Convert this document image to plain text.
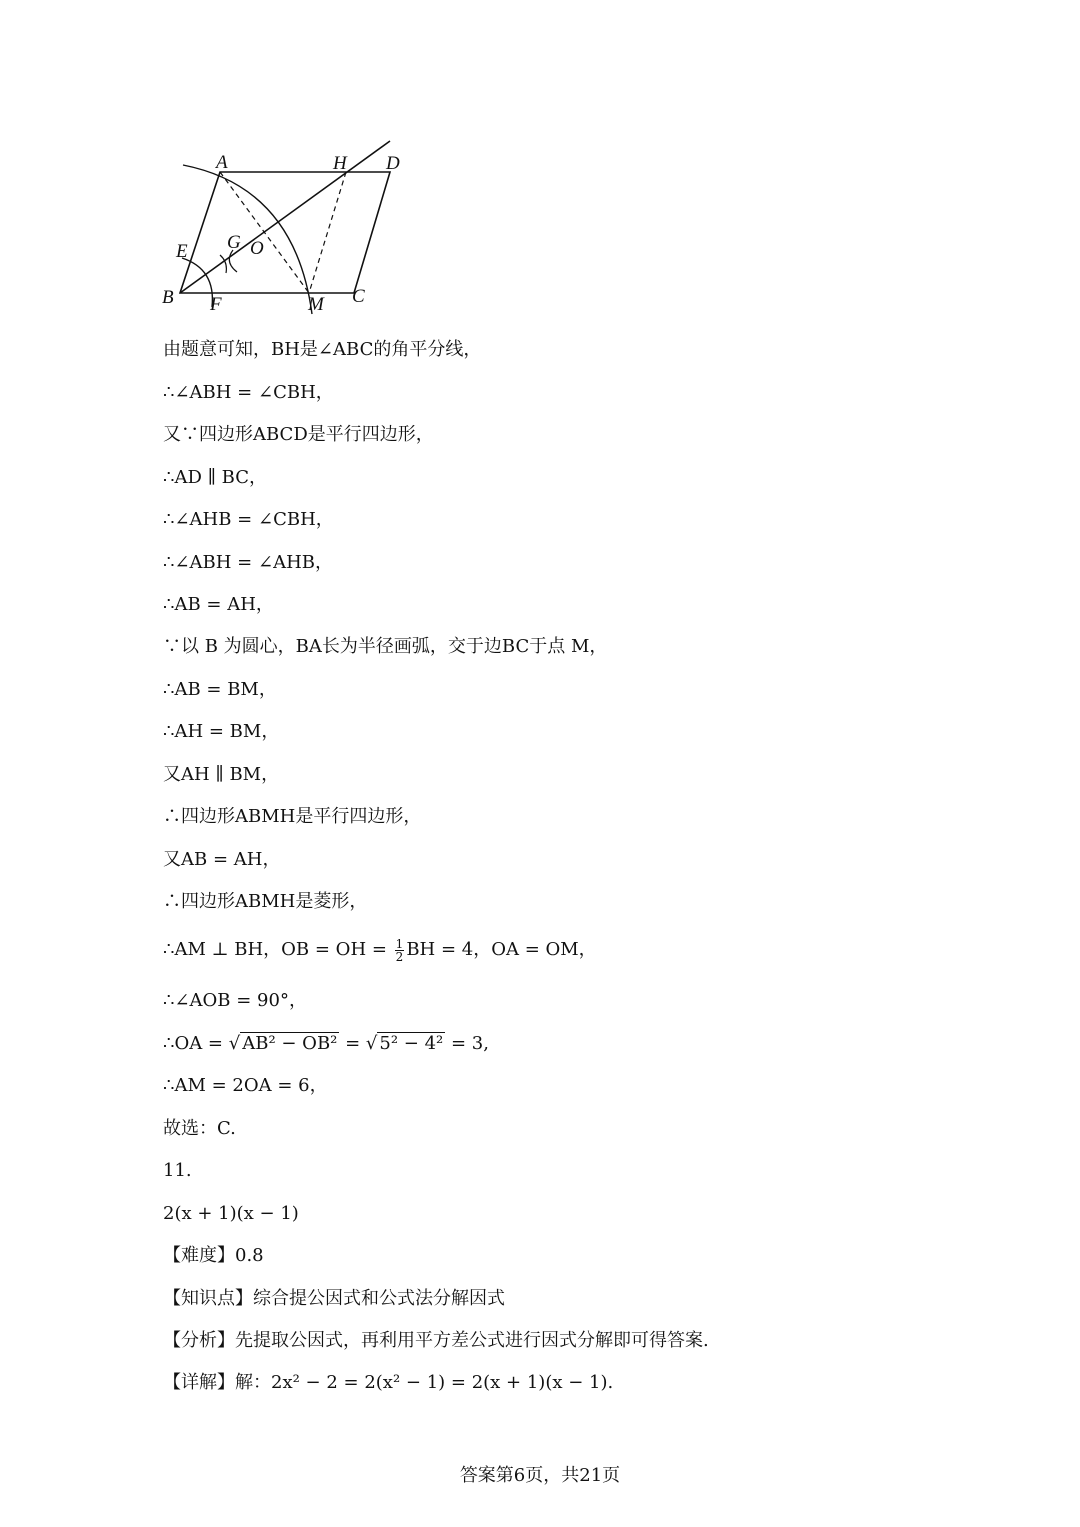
A	H D
E G O
B F	M C
由题意可知，BH是∠ABC的角平分线，
∴∠ABH = ∠CBH，
又∵四边形ABCD是平行四边形，
∴AD ∥ BC，
∴∠AHB = ∠CBH，
∴∠ABH = ∠AHB，
∴AB = AH，
∵以 B 为圆心，BA长为半径画弧，交于边BC于点 M，
∴AB = BM，
∴AH = BM，
又AH ∥ BM，
∴四边形ABMH是平行四边形，
又AB = AH，
∴四边形ABMH是菱形，
∴AM ⊥ BH，OB = OH = $\frac{1}{2}$ BH = 4，OA = OM，
∴∠AOB = 90°，
∴OA = √ AB² − OB² = √ 5² − 4² = 3,
∴AM = 2OA = 6，
故选：C.
11.
2(x + 1)(x − 1)
【难度】0.8
【知识点】综合提公因式和公式法分解因式
【分析】先提取公因式，再利用平方差公式进行因式分解即可得答案.
【详解】解：2x² − 2 = 2(x² − 1) = 2(x + 1)(x − 1).
答案第6页，共21页
